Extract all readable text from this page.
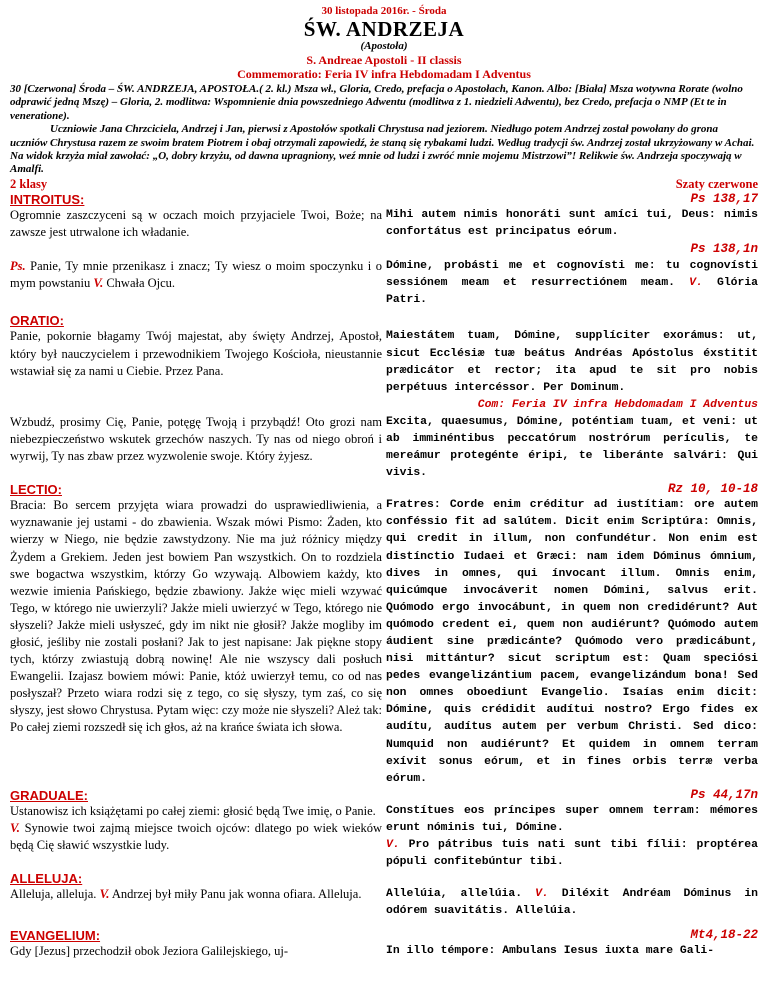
30 listopada 2016r. - Środa
ŚW. ANDRZEJA
(Apostoła)
S. Andreae Apostoli - II classis
Commemoratio: Feria IV infra Hebdomadam I Adventus

30 [Czerwona] Środa – ŚW. ANDRZEJA, APOSTOŁA.( 2. kl.) Msza wł., Gloria, Credo, prefacja o Apostołach, Kanon. Albo: [Biała] Msza wotywna Rorate (wolno odprawić jedną Mszę) – Gloria, 2. modlitwa: Wspomnienie dnia powszedniego Adwentu (modlitwa z 1. niedzieli Adwentu), bez Credo, prefacja o NMP (Et te in veneratione).

Uczniowie Jana Chrzciciela, Andrzej i Jan, pierwsi z Apostołów spotkali Chrystusa nad jeziorem. Niedługo potem Andrzej został powołany do grona uczniów Chrystusa razem ze swoim bratem Piotrem i obaj otrzymali zapowiedź, że staną się rybakami ludzi. Według tradycji św. Andrzej został ukrzyżowany w Achai. Na widok krzyża miał zawołać: „O, dobry krzyżu, od dawna upragniony, weź mnie od ludzi i zwróć mnie mojemu Mistrzowi”! Relikwie św. Andrzeja spoczywają w Amalfi.

2 klasy	Szaty czerwone
INTROITUS:	Ps 138,17

Ogromnie zaszczyceni są w oczach moich przyjaciele Twoi, Boże; na zawsze jest utrwalone ich władanie.

Ps. Panie, Ty mnie przenikasz i znacz; Ty wiesz o moim spoczynku i o mym powstaniu V. Chwała Ojcu.

Mihi autem nimis honoráti sunt amíci tui, Deus: nimis confortátus est principatus eórum.

Ps 138,1n

Dómine, probásti me et cognovísti me: tu cognovísti sessiónem meam et resurrectiónem meam. V. Glória Patri.

ORATIO:

Panie, pokornie błagamy Twój majestat, aby święty Andrzej, Apostoł, który był nauczycielem i przewodnikiem Twojego Kościoła, nieustannie wstawiał się za nami u Ciebie. Przez Pana.

Wzbudź, prosimy Cię, Panie, potęgę Twoją i przybądź! Oto grozi nam niebezpieczeństwo wskutek grzechów naszych. Ty nas od niego obroń i wyrwij, Ty nas zbaw przez wyzwolenie swoje. Który żyjesz.

Maiestátem tuam, Dómine, supplíciter exorámus: ut, sicut Ecclésiæ tuæ beátus Andréas Apóstolus éxstitit prædicátor et rector; ita apud te sit pro nobis perpétuus intercéssor. Per Dominum.

Com: Feria IV infra Hebdomadam I Adventus

Excita, quaesumus, Dómine, poténtiam tuam, et veni: ut ab imminéntibus peccatórum nostrórum perículis, te mereámur protegénte éripi, te liberánte salvári: Qui vivis.

LECTIO:	Rz 10, 10-18
Bracia: Bo sercem przyjęta wiara prowadzi do usprawiedliwienia, a wyznawanie jej ustami - do zbawienia. Wszak mówi Pismo: Żaden, kto wierzy w Niego, nie będzie zawstydzony. Nie ma już różnicy między Żydem a Grekiem. Jeden jest bowiem Pan wszystkich. On to rozdziela swe bogactwa wszystkim, którzy Go wzywają. Albowiem każdy, kto wezwie imienia Pańskiego, będzie zbawiony. Jakże więc mieli wzywać Tego, w którego nie uwierzyli? Jakże mieli uwierzyć w Tego, którego nie słyszeli? Jakże mieli usłyszeć, gdy im nikt nie głosił? Jakże mogliby im głosić, jeśliby nie zostali posłani? Jak to jest napisane: Jak piękne stopy tych, którzy zwiastują dobrą nowinę! Ale nie wszyscy dali posłuch Ewangelii. Izajasz bowiem mówi: Panie, któż uwierzył temu, co od nas posłyszał? Przeto wiara rodzi się z tego, co się słyszy, tym zaś, co się słyszy, jest słowo Chrystusa. Pytam więc: czy może nie słyszeli? Ależ tak: Po całej ziemi rozszedł się ich głos, aż na krańce świata ich słowa.
Fratres: Corde enim créditur ad iustítiam: ore autem conféssio fit ad salútem. Dicit enim Scriptúra: Omnis, qui credit in illum, non confundétur. Non enim est distínctio Iudaei et Græci: nam idem Dóminus ómnium, dives in omnes, qui ínvocant illum. Omnis enim, quicúmque invocáverit nomen Dómini, salvus erit. Quómodo ergo invocábunt, in quem non credidérunt? Aut quómodo credent ei, quem non audiérunt? Quómodo autem áudient sine prædicánte? Quómodo vero prædicábunt, nisi mittántur? sicut scriptum est: Quam speciósi pedes evangelizántium pacem, evangelizándum bona! Sed non omnes oboediunt Evangelio. Isaías enim dicit: Dómine, quis crédidit audítui nostro? Ergo fides ex audítu, audítus autem per verbum Christi. Sed dico: Numquid non audiérunt? Et quidem in omnem terram exívit sonus eórum, et in fines orbis terræ verba eórum.
GRADUALE:	Ps 44,17n

Ustanowisz ich książętami po całej ziemi: głosić będą Twe imię, o Panie.

V. Synowie twoi zajmą miejsce twoich ojców: dlatego po wiek wieków będą Cię sławić wszystkie ludy.

Constítues eos príncipes super omnem terram: mémores erunt nóminis tui, Dómine.

V. Pro pátribus tuis nati sunt tibi fílii: proptérea pópuli confitebúntur tibi.

ALLELUJA:

Alleluja, alleluja. V. Andrzej był miły Panu jak wonna ofiara. Alleluja.	Allelúia, allelúia. V. Diléxit Andréam Dóminus in odórem suavitátis. Allelúia.

EVANGELIUM:	Mt4,18-22
Gdy [Jezus] przechodził obok Jeziora Galilejskiego, uj-	In illo témpore: Ambulans Iesus iuxta mare Gali-
